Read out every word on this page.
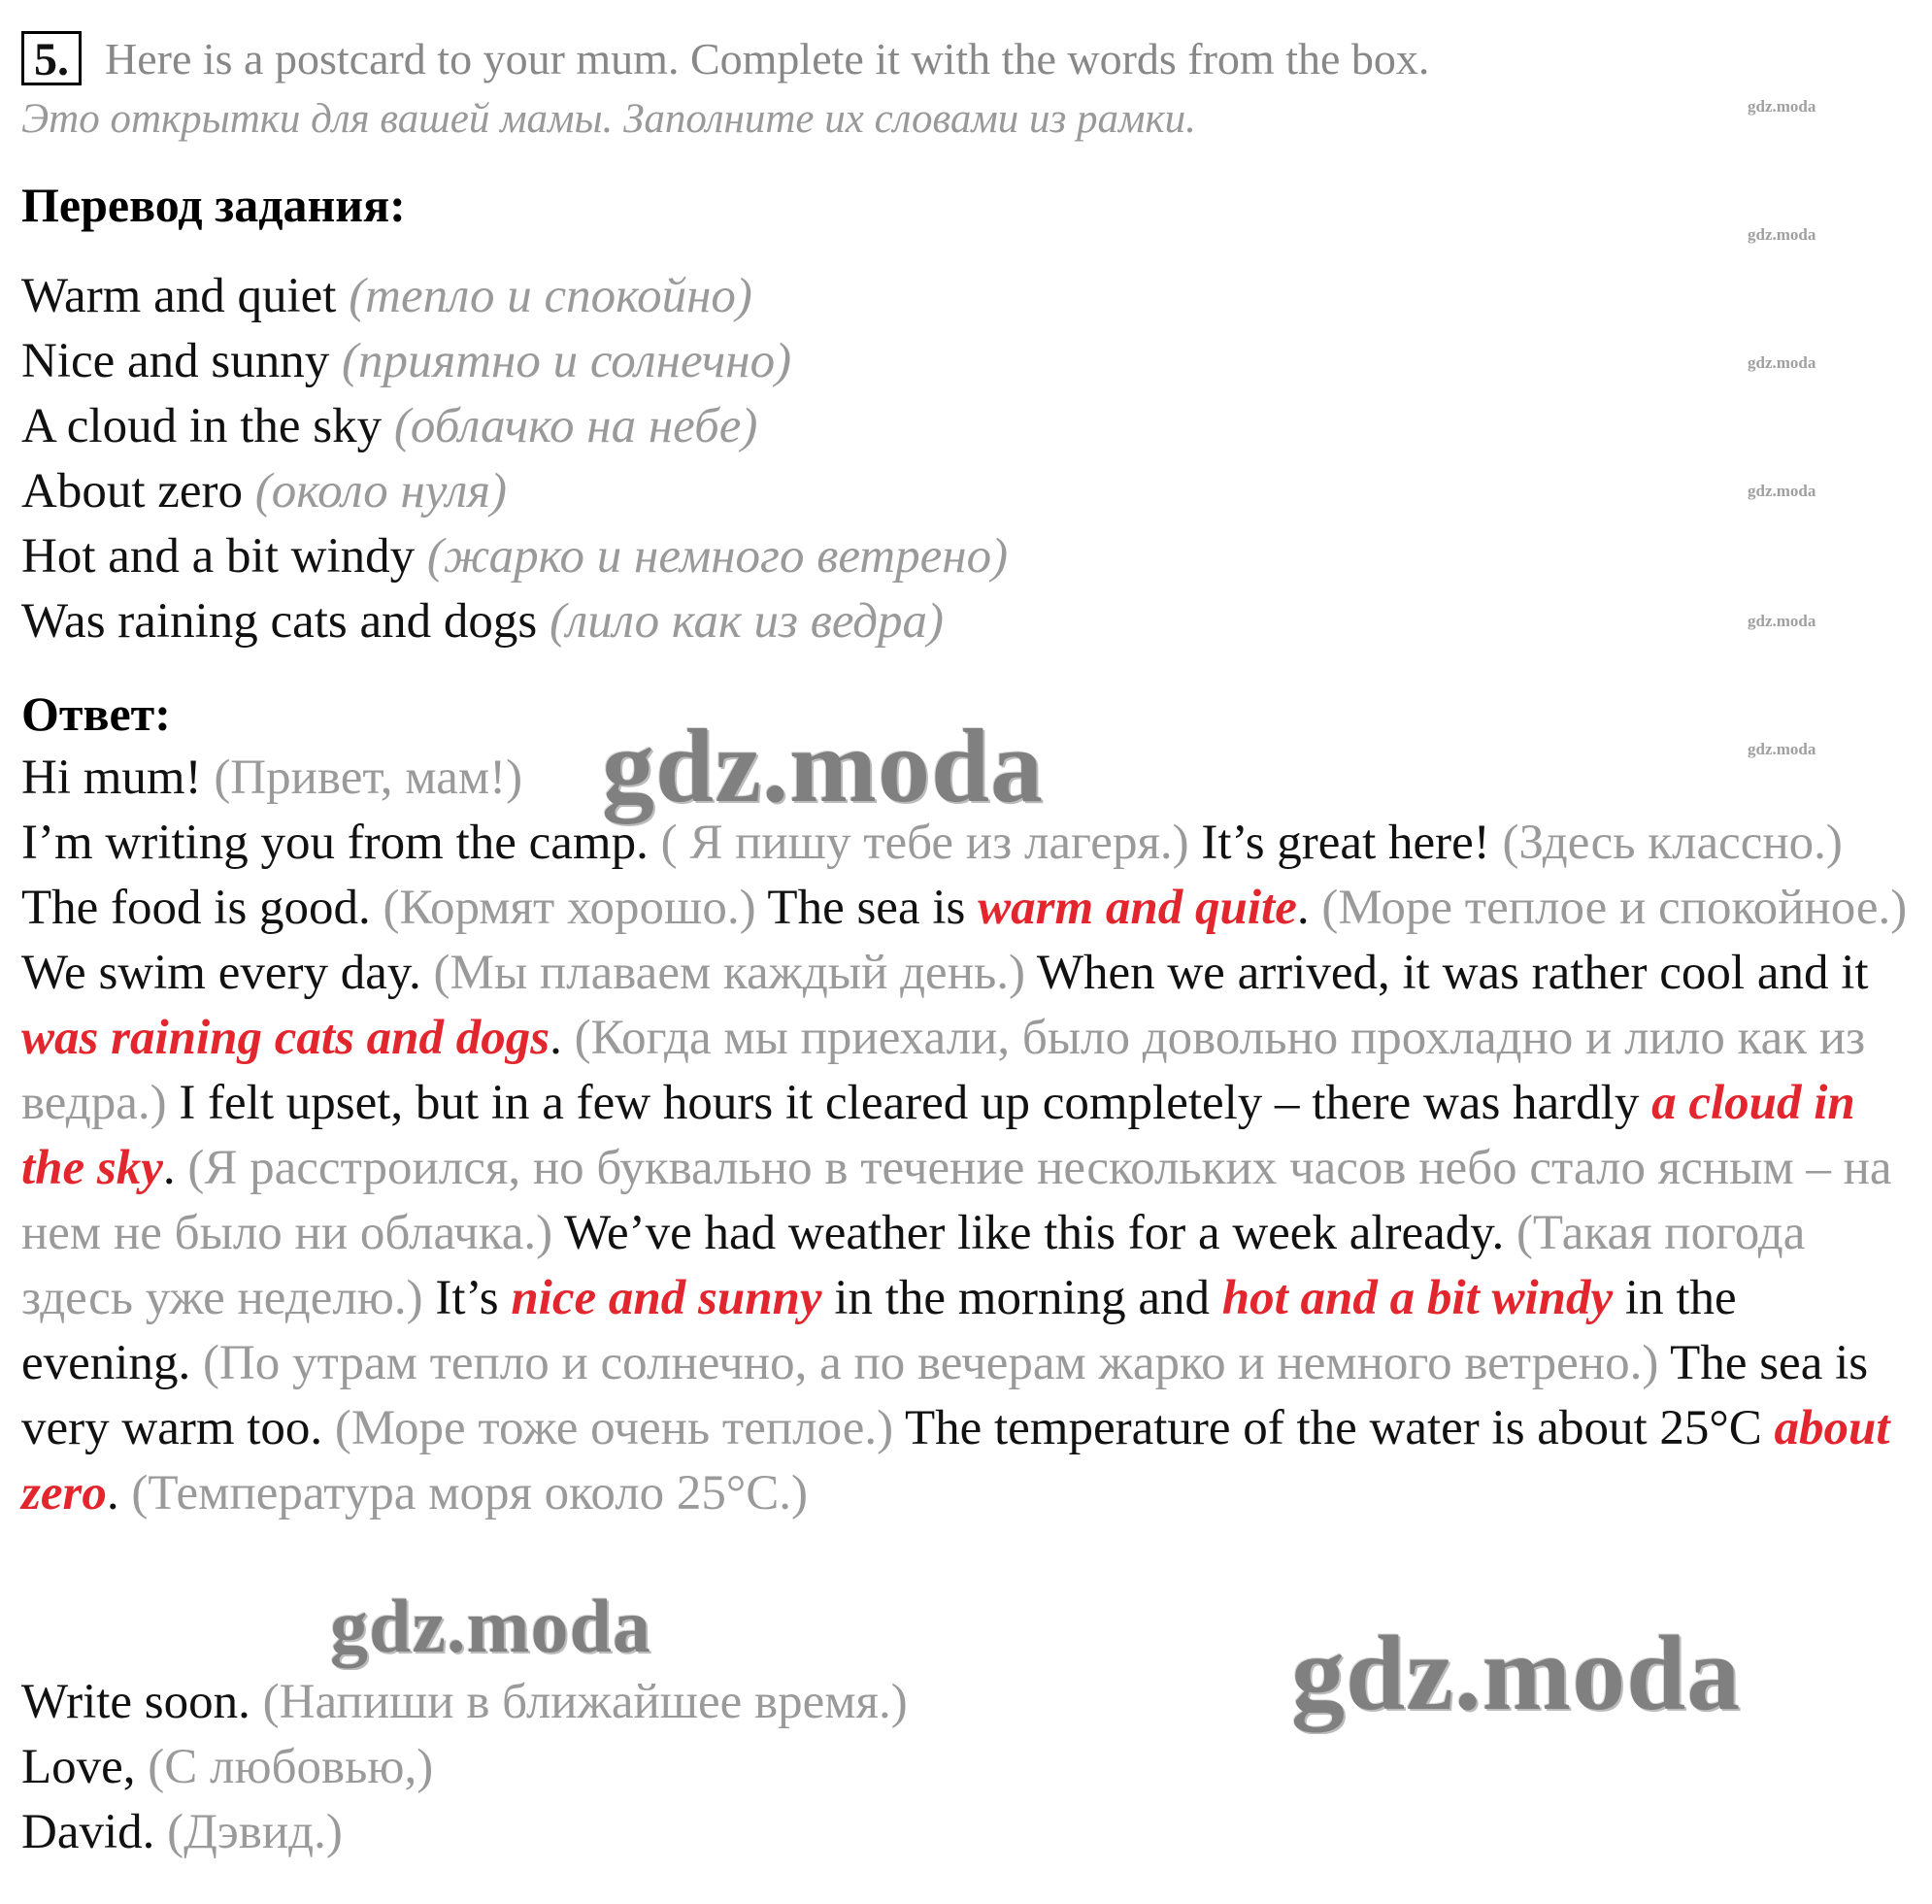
5. Here is a postcard to your mum. Complete it with the words from the box.
Это открытки для вашей мамы. Заполните их словами из рамки.	gdz.moda
gdz.moda
gdz.moda
gdz.moda
gdz.moda
gdz.moda
Перевод задания:
Warm and quiet (тепло и спокойно)
Nice and sunny (приятно и солнечно)
A cloud in the sky (облачко на небе)
About zero (около нуля)
Hot and a bit windy (жарко и немного ветрено)
Was raining cats and dogs (лило как из ведра)
Ответ:
Hi mum! (Привет, мам!)
I’m writing you from the camp. ( Я пишу тебе из лагеря.) It’s great here! (Здесь классно.) The food is good. (Кормят хорошо.) The sea is warm and quite. (Море теплое и спокойное.) We swim every day. (Мы плаваем каждый день.) When we arrived, it was rather cool and it was raining cats and dogs. (Когда мы приехали, было довольно прохладно и лило как из ведра.) I felt upset, but in a few hours it cleared up completely – there was hardly a cloud in the sky. (Я расстроился, но буквально в течение нескольких часов небо стало ясным – на нем не было ни облачка.) We’ve had weather like this for a week already. (Такая погода здесь уже неделю.) It’s nice and sunny in the morning and hot and a bit windy in the evening. (По утрам тепло и солнечно, а по вечерам жарко и немного ветрено.) The sea is very warm too. (Море тоже очень теплое.) The temperature of the water is about 25°C about zero. (Температура моря около 25°C.)
Write soon. (Напиши в ближайшее время.)
Love, (С любовью,)
David. (Дэвид.)
gdz.moda
gdz.moda	gdz.moda
